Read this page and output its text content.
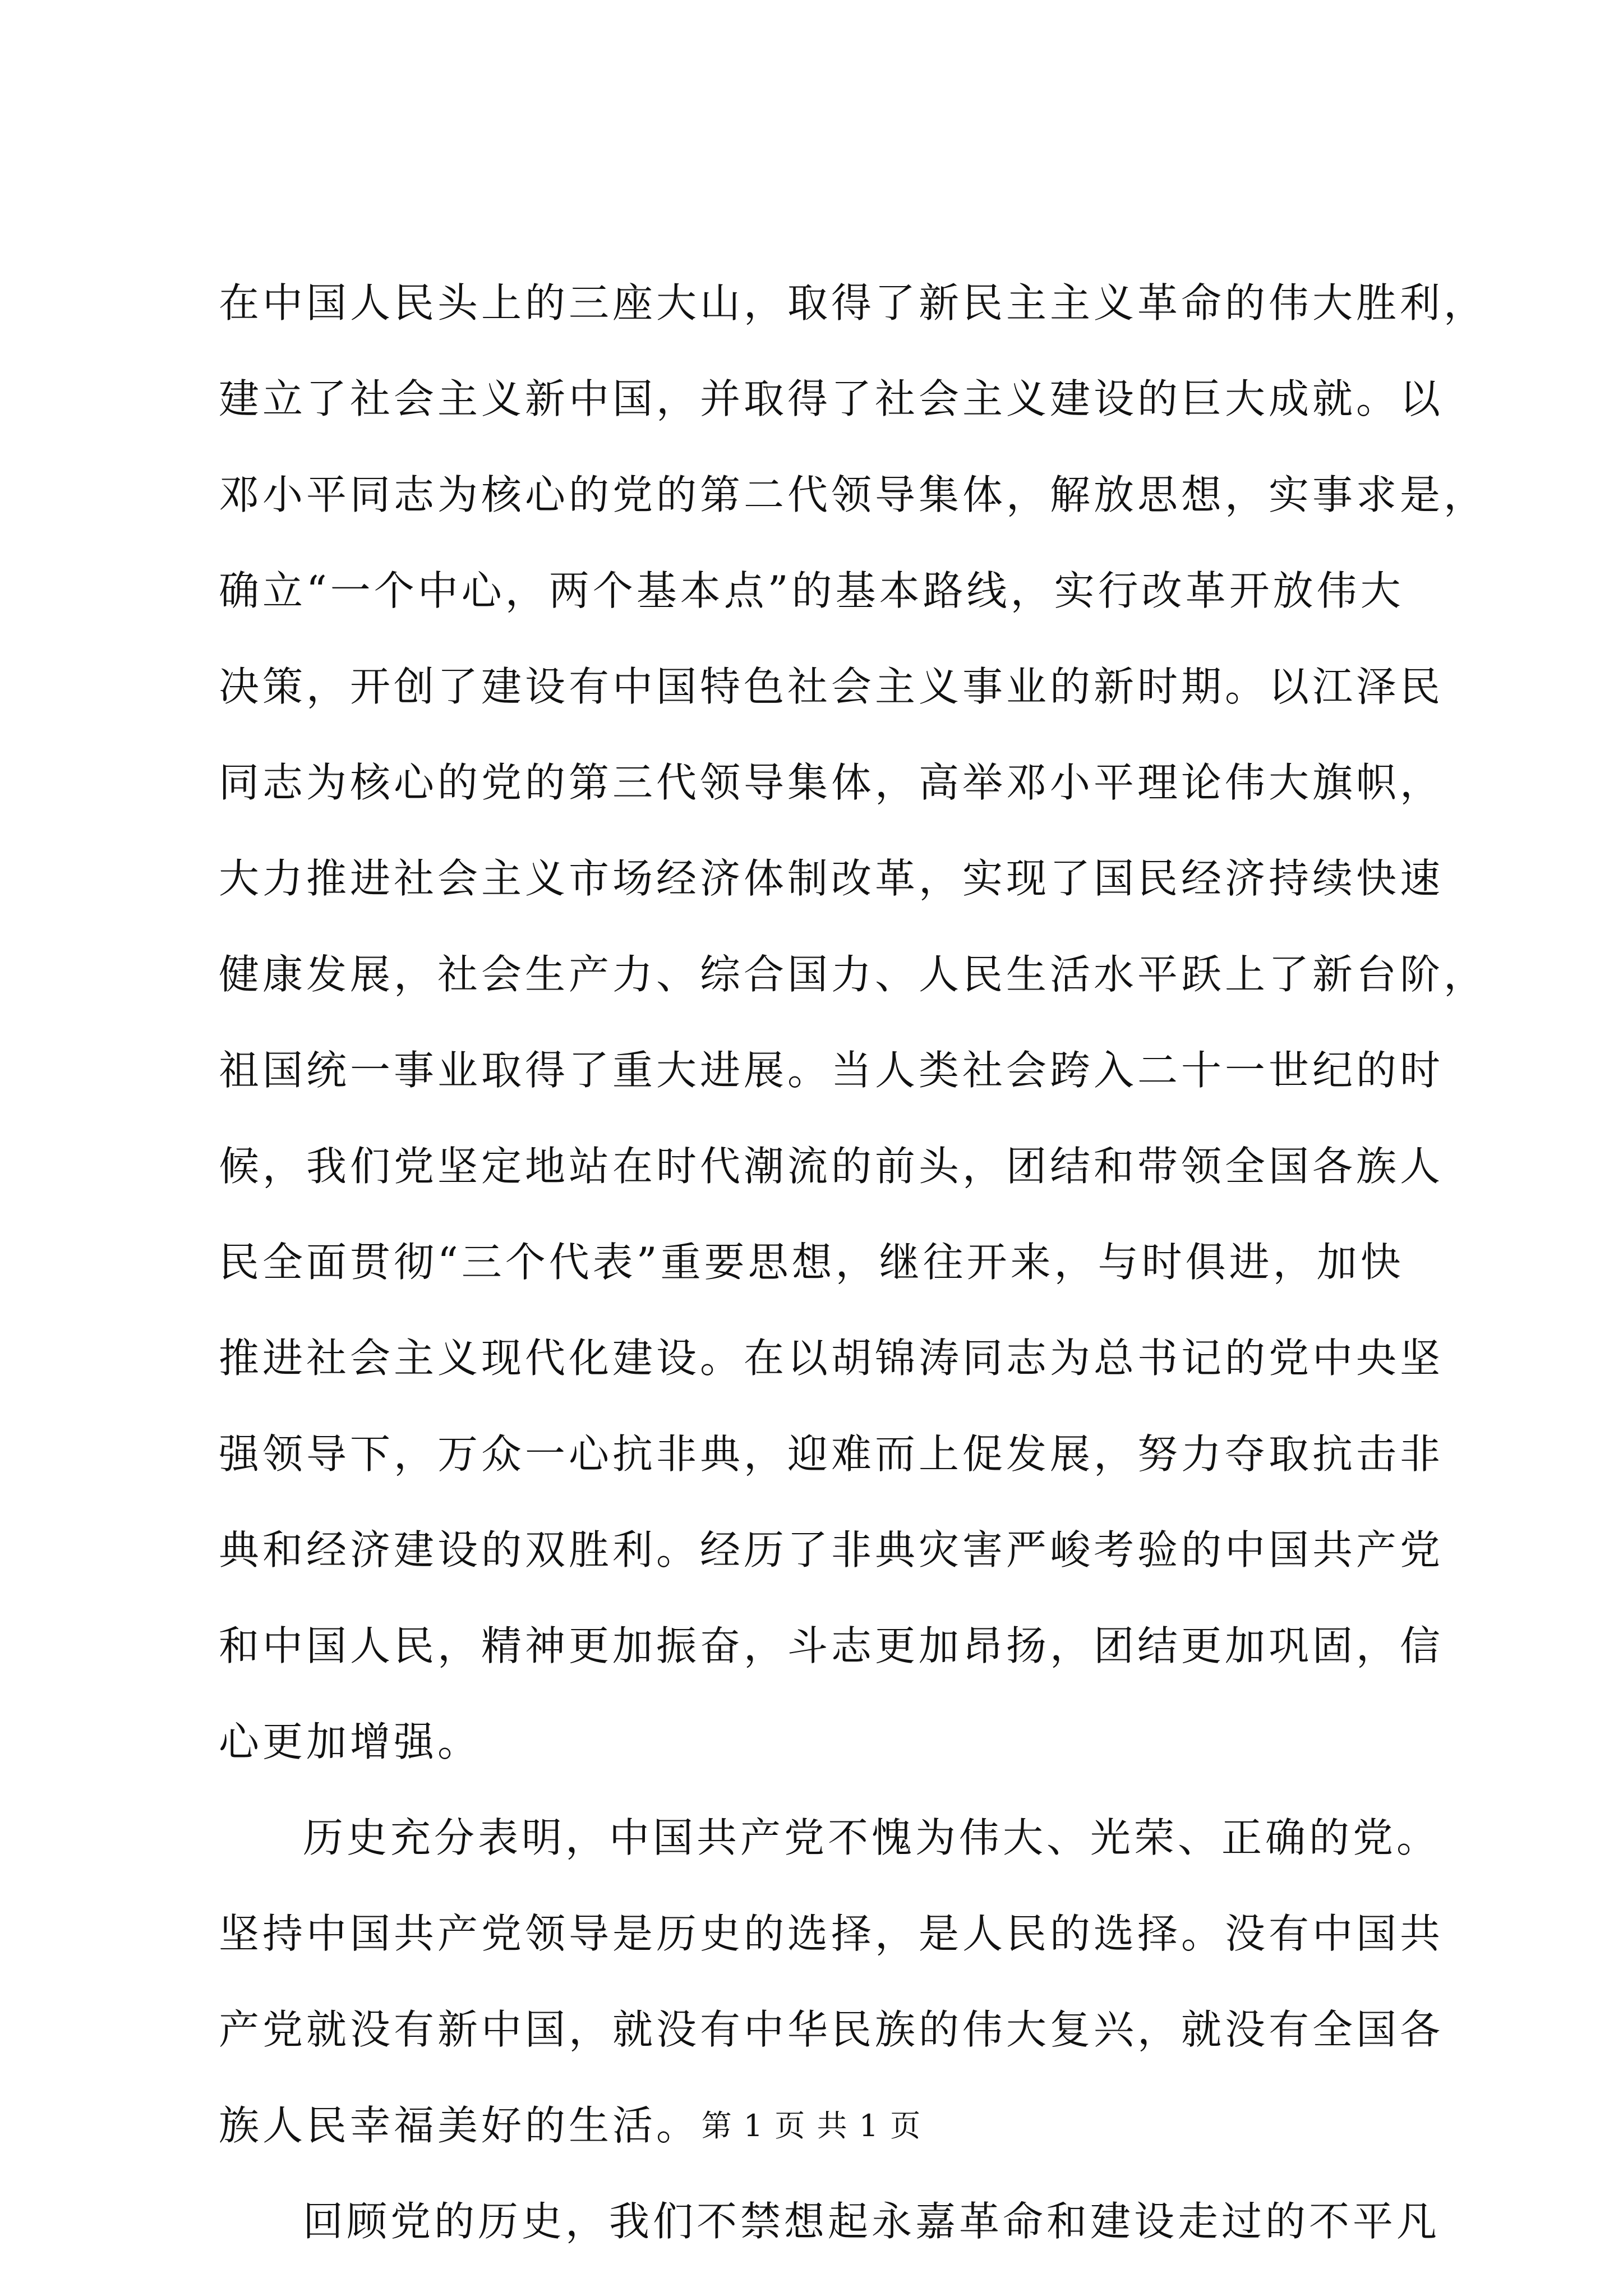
在中国人民头上的三座大山，取得了新民主主义革命的伟大胜利，
建立了社会主义新中国，并取得了社会主义建设的巨大成就。以
邓小平同志为核心的党的第二代领导集体，解放思想，实事求是，
确立“一个中心，两个基本点”的基本路线，实行改革开放伟大
决策，开创了建设有中国特色社会主义事业的新时期。以江泽民
同志为核心的党的第三代领导集体，高举邓小平理论伟大旗帜，
大力推进社会主义市场经济体制改革，实现了国民经济持续快速
健康发展，社会生产力、综合国力、人民生活水平跃上了新台阶，
祖国统一事业取得了重大进展。当人类社会跨入二十一世纪的时
候，我们党坚定地站在时代潮流的前头，团结和带领全国各族人
民全面贯彻“三个代表”重要思想，继往开来，与时俱进，加快
推进社会主义现代化建设。在以胡锦涛同志为总书记的党中央坚
强领导下，万众一心抗非典，迎难而上促发展，努力夺取抗击非
典和经济建设的双胜利。经历了非典灾害严峻考验的中国共产党
和中国人民，精神更加振奋，斗志更加昂扬，团结更加巩固，信
心更加增强。
历史充分表明，中国共产党不愧为伟大、光荣、正确的党。
坚持中国共产党领导是历史的选择，是人民的选择。没有中国共
产党就没有新中国，就没有中华民族的伟大复兴，就没有全国各
族人民幸福美好的生活。
回顾党的历史，我们不禁想起永嘉革命和建设走过的不平凡
第 1 页 共 1 页
